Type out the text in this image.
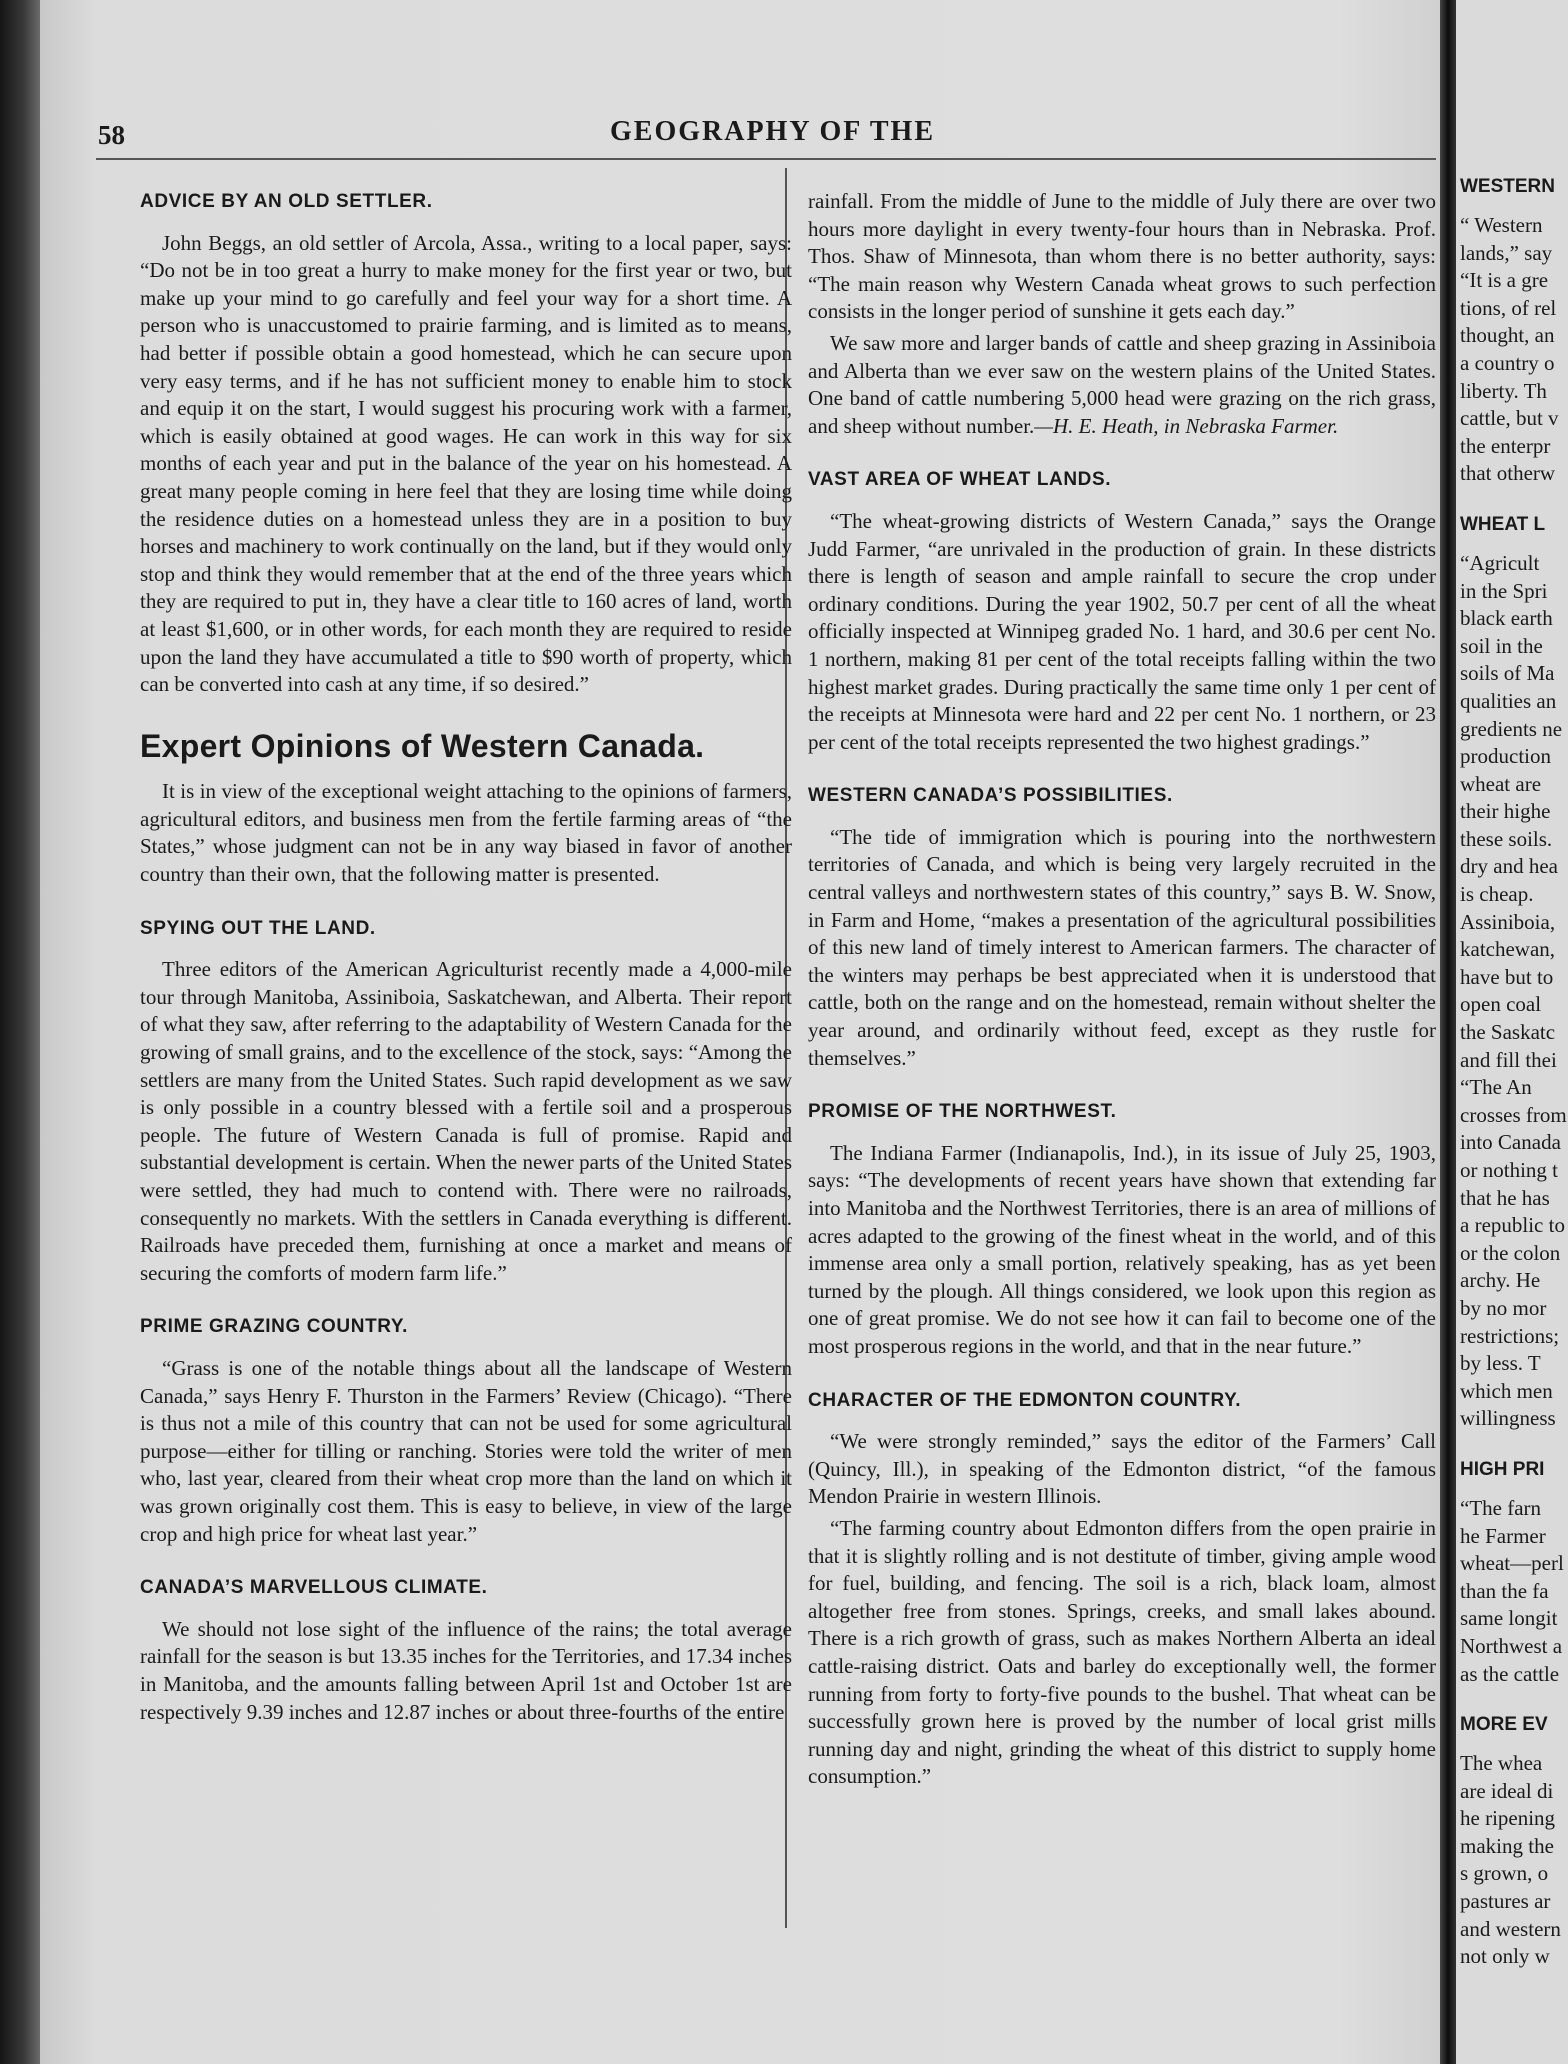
58	GEOGRAPHY OF THE
ADVICE BY AN OLD SETTLER.

John Beggs, an old settler of Arcola, Assa., writing to a local paper, says: “Do not be in too great a hurry to make money for the first year or two, but make up your mind to go carefully and feel your way for a short time. A person who is unaccustomed to prairie farming, and is limited as to means, had better if possible obtain a good homestead, which he can secure upon very easy terms, and if he has not sufficient money to enable him to stock and equip it on the start, I would suggest his procuring work with a farmer, which is easily obtained at good wages. He can work in this way for six months of each year and put in the balance of the year on his homestead. A great many people coming in here feel that they are losing time while doing the residence duties on a homestead unless they are in a position to buy horses and machinery to work continually on the land, but if they would only stop and think they would remember that at the end of the three years which they are required to put in, they have a clear title to 160 acres of land, worth at least $1,600, or in other words, for each month they are required to reside upon the land they have accumulated a title to $90 worth of property, which can be converted into cash at any time, if so desired.”

Expert Opinions of Western Canada.

It is in view of the exceptional weight attaching to the opinions of farmers, agricultural editors, and business men from the fertile farming areas of “the States,” whose judgment can not be in any way biased in favor of another country than their own, that the following matter is presented.

SPYING OUT THE LAND.

Three editors of the American Agriculturist recently made a 4,000-mile tour through Manitoba, Assiniboia, Saskatchewan, and Alberta. Their report of what they saw, after referring to the adaptability of Western Canada for the growing of small grains, and to the excellence of the stock, says: “Among the settlers are many from the United States. Such rapid development as we saw is only possible in a country blessed with a fertile soil and a prosperous people. The future of Western Canada is full of promise. Rapid and substantial development is certain. When the newer parts of the United States were settled, they had much to contend with. There were no railroads, consequently no markets. With the settlers in Canada everything is different. Railroads have preceded them, furnishing at once a market and means of securing the comforts of modern farm life.”

PRIME GRAZING COUNTRY.

“Grass is one of the notable things about all the landscape of Western Canada,” says Henry F. Thurston in the Farmers’ Review (Chicago). “There is thus not a mile of this country that can not be used for some agricultural purpose—either for tilling or ranching. Stories were told the writer of men who, last year, cleared from their wheat crop more than the land on which it was grown originally cost them. This is easy to believe, in view of the large crop and high price for wheat last year.”

CANADA’S MARVELLOUS CLIMATE.

We should not lose sight of the influence of the rains; the total average rainfall for the season is but 13.35 inches for the Territories, and 17.34 inches in Manitoba, and the amounts falling between April 1st and October 1st are respectively 9.39 inches and 12.87 inches or about three-fourths of the entire

rainfall. From the middle of June to the middle of July there are over two hours more daylight in every twenty-four hours than in Nebraska. Prof. Thos. Shaw of Minnesota, than whom there is no better authority, says: “The main reason why Western Canada wheat grows to such perfection consists in the longer period of sunshine it gets each day.”

We saw more and larger bands of cattle and sheep grazing in Assiniboia and Alberta than we ever saw on the western plains of the United States. One band of cattle numbering 5,000 head were grazing on the rich grass, and sheep without number.—H. E. Heath, in Nebraska Farmer.

VAST AREA OF WHEAT LANDS.

“The wheat-growing districts of Western Canada,” says the Orange Judd Farmer, “are unrivaled in the production of grain. In these districts there is length of season and ample rainfall to secure the crop under ordinary conditions. During the year 1902, 50.7 per cent of all the wheat officially inspected at Winnipeg graded No. 1 hard, and 30.6 per cent No. 1 northern, making 81 per cent of the total receipts falling within the two highest market grades. During practically the same time only 1 per cent of the receipts at Minnesota were hard and 22 per cent No. 1 northern, or 23 per cent of the total receipts represented the two highest gradings.”

WESTERN CANADA’S POSSIBILITIES.

“The tide of immigration which is pouring into the northwestern territories of Canada, and which is being very largely recruited in the central valleys and northwestern states of this country,” says B. W. Snow, in Farm and Home, “makes a presentation of the agricultural possibilities of this new land of timely interest to American farmers. The character of the winters may perhaps be best appreciated when it is understood that cattle, both on the range and on the homestead, remain without shelter the year around, and ordinarily without feed, except as they rustle for themselves.”

PROMISE OF THE NORTHWEST.

The Indiana Farmer (Indianapolis, Ind.), in its issue of July 25, 1903, says: “The developments of recent years have shown that extending far into Manitoba and the Northwest Territories, there is an area of millions of acres adapted to the growing of the finest wheat in the world, and of this immense area only a small portion, relatively speaking, has as yet been turned by the plough. All things considered, we look upon this region as one of great promise. We do not see how it can fail to become one of the most prosperous regions in the world, and that in the near future.”

CHARACTER OF THE EDMONTON COUNTRY.

“We were strongly reminded,” says the editor of the Farmers’ Call (Quincy, Ill.), in speaking of the Edmonton district, “of the famous Mendon Prairie in western Illinois.

“The farming country about Edmonton differs from the open prairie in that it is slightly rolling and is not destitute of timber, giving ample wood for fuel, building, and fencing. The soil is a rich, black loam, almost altogether free from stones. Springs, creeks, and small lakes abound. There is a rich growth of grass, such as makes Northern Alberta an ideal cattle-raising district. Oats and barley do exceptionally well, the former running from forty to forty-five pounds to the bushel. That wheat can be successfully grown here is proved by the number of local grist mills running day and night, grinding the wheat of this district to supply home consumption.”

WESTERN
“ Western
lands,” say
“It is a gre
tions, of rel
thought, an
a country o
liberty. Th
cattle, but v
the enterpr
that otherw
WHEAT L
“Agricult
in the Spri
black earth
soil in the
soils of Ma
qualities an
gredients ne
production
wheat are
their highe
these soils.
dry and hea
is cheap.
Assiniboia,
katchewan,
have but to
open coal
the Saskatc
and fill thei
“The An
crosses from
into Canada
or nothing t
that he has
a republic to
or the colon
archy. He
by no mor
restrictions;
by less. T
which men
willingness
HIGH PRI
“The farn
he Farmer
wheat—perl
than the fa
same longit
Northwest a
as the cattle
MORE EV
The whea
are ideal di
he ripening
making the
s grown, o
pastures ar
and western
not only w
